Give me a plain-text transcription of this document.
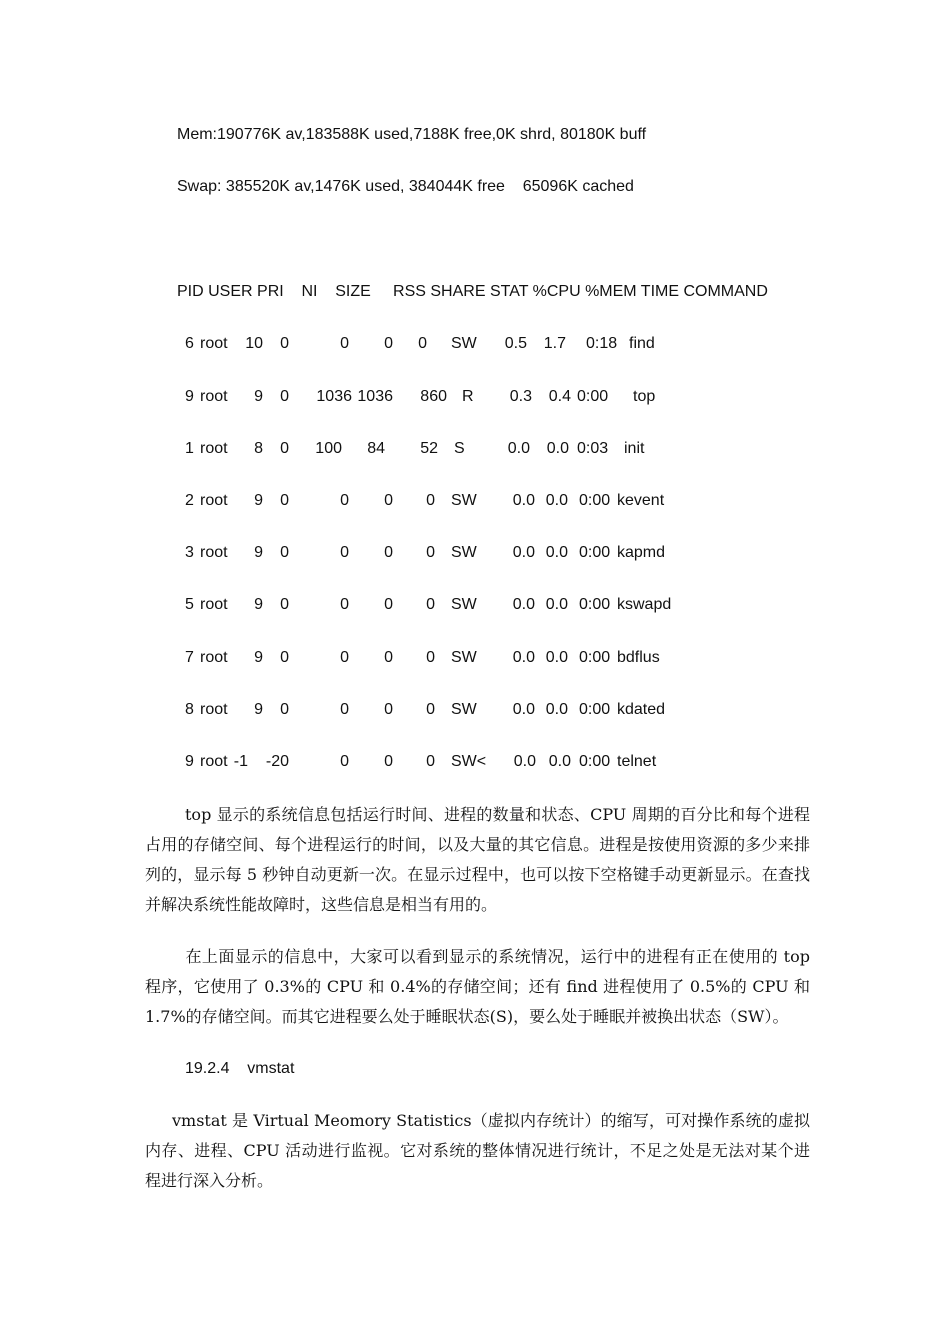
Mem:190776K av,183588K used,7188K free,0K shrd, 80180K buff
Swap: 385520K av,1476K used, 384044K free    65096K cached
PID USER PRI    NI    SIZE     RSS SHARE STAT %CPU %MEM TIME COMMAND
6 root 10 0	0 0 0 SW 0.5 1.7 0:18 find
9 root 9 0 1036 1036 860 R 0.3 0.4 0:00 top
1 root 8 0 100 84 52 S	0.0 0.0 0:03 init
2 root 9 0	0 0 0 SW 0.0 0.0 0:00 kevent
3 root 9 0	0 0 0 SW 0.0 0.0 0:00 kapmd
5 root 9 0	0 0 0 SW 0.0 0.0 0:00 kswapd
7 root 9 0	0 0 0 SW 0.0 0.0 0:00 bdflus
8 root 9 0	0 0 0 SW 0.0 0.0 0:00 kdated
9 root -1 -20	0 0 0 SW< 0.0 0.0 0:00 telnet
top 显示的系统信息包括运行时间、进程的数量和状态、CPU 周期的百分比和每个进程占用的存储空间、每个进程运行的时间，以及大量的其它信息。进程是按使用资源的多少来排列的，显示每 5 秒钟自动更新一次。在显示过程中，也可以按下空格键手动更新显示。在查找并解决系统性能故障时，这些信息是相当有用的。
在上面显示的信息中，大家可以看到显示的系统情况，运行中的进程有正在使用的 top 程序，它使用了 0.3%的 CPU 和 0.4%的存储空间；还有 find 进程使用了 0.5%的 CPU 和 1.7%的存储空间。而其它进程要么处于睡眠状态(S)，要么处于睡眠并被换出状态（SW）。
19.2.4    vmstat
vmstat 是 Virtual Meomory Statistics（虚拟内存统计）的缩写，可对操作系统的虚拟内存、进程、CPU 活动进行监视。它对系统的整体情况进行统计，不足之处是无法对某个进程进行深入分析。
